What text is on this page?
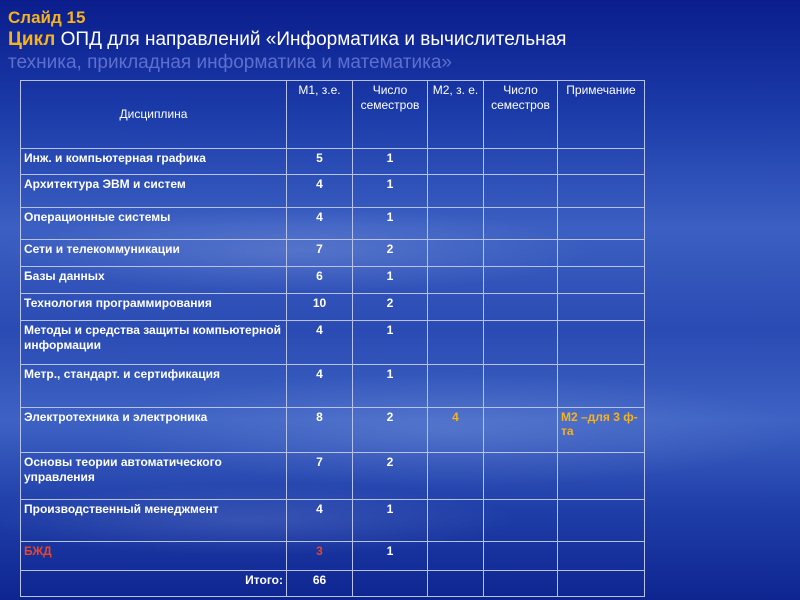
Слайд 15
Цикл ОПД для направлений «Информатика и вычислительная
техника, прикладная информатика и математика»
Дисциплина	М1, з.е.	Число семестров	М2, з. е.	Число семестров	Примечание
Инж. и компьютерная графика	5	1			
Архитектура ЭВМ и систем	4	1			
Операционные системы	4	1			
Сети и телекоммуникации	7	2			
Базы данных	6	1			
Технология программирования	10	2			
Методы и средства защиты компьютерной информации	4	1			
Метр., стандарт. и сертификация	4	1			
Электротехника и электроника	8	2	4		М2 –для 3 ф-та
Основы теории автоматического управления	7	2			
Производственный менеджмент	4	1			
БЖД	3	1			
Итого:	66				
